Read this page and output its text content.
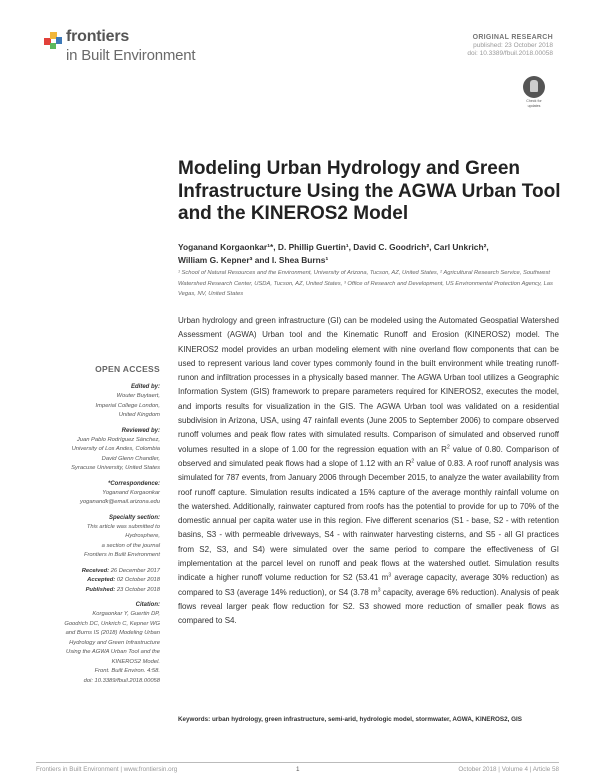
frontiers
in Built Environment
ORIGINAL RESEARCH
published: 23 October 2018
doi: 10.3389/fbuil.2018.00058
Check for
updates
Modeling Urban Hydrology and Green Infrastructure Using the AGWA Urban Tool and the KINEROS2 Model
Yoganand Korgaonkar¹*, D. Phillip Guertin¹, David C. Goodrich², Carl Unkrich²,
William G. Kepner³ and I. Shea Burns¹
¹ School of Natural Resources and the Environment, University of Arizona, Tucson, AZ, United States, ² Agricultural Research Service, Southwest Watershed Research Center, USDA, Tucson, AZ, United States, ³ Office of Research and Development, US Environmental Protection Agency, Las Vegas, NV, United States
Urban hydrology and green infrastructure (GI) can be modeled using the Automated Geospatial Watershed Assessment (AGWA) Urban tool and the Kinematic Runoff and Erosion (KINEROS2) model. The KINEROS2 model provides an urban modeling element with nine overland flow components that can be used to represent various land cover types commonly found in the built environment while treating runoff-runon and infiltration processes in a physically based manner. The AGWA Urban tool utilizes a Geographic Information System (GIS) framework to prepare parameters required for KINEROS2, executes the model, and imports results for visualization in the GIS. The AGWA Urban tool was validated on a residential subdivision in Arizona, USA, using 47 rainfall events (June 2005 to September 2006) to compare observed runoff volumes and peak flow rates with simulated results. Comparison of simulated and observed runoff volumes resulted in a slope of 1.00 for the regression equation with an $R^2$ value of 0.80. Comparison of observed and simulated peak flows had a slope of 1.12 with an $R^2$ value of 0.83. A roof runoff analysis was simulated for 787 events, from January 2006 through December 2015, to analyze the water availability from roof runoff capture. Simulation results indicated a 15% capture of the average monthly rainfall volume on the watershed. Additionally, rainwater captured from roofs has the potential to provide for up to 70% of the domestic annual per capita water use in this region. Five different scenarios (S1 - base, S2 - with retention basins, S3 - with permeable driveways, S4 - with rainwater harvesting cisterns, and S5 - all GI practices from S2, S3, and S4) were simulated over the same period to compare the effectiveness of GI implementation at the parcel level on runoff and peak flows at the watershed outlet. Simulation results indicate a higher runoff volume reduction for S2 (53.41 $m^3$ average capacity, average 30% reduction) as compared to S3 (average 14% reduction), or S4 (3.78 $m^3$ capacity, average 6% reduction). Analysis of peak flows reveal larger peak flow reduction for S2. S3 showed more reduction of smaller peak flows as compared to S4.
Keywords: urban hydrology, green infrastructure, semi-arid, hydrologic model, stormwater, AGWA, KINEROS2, GIS
OPEN ACCESS
Edited by:
Wouter Buytaert,
Imperial College London,
United Kingdom
Reviewed by:
Juan Pablo Rodríguez Sánchez,
University of Los Andes, Colombia
David Glenn Chandler,
Syracuse University, United States
*Correspondence:
Yoganand Korgaonkar
yoganandk@email.arizona.edu
Specialty section:
This article was submitted to
Hydrosphere,
a section of the journal
Frontiers in Built Environment
Received: 26 December 2017
Accepted: 02 October 2018
Published: 23 October 2018
Citation:
Korgaonkar Y, Guertin DP,
Goodrich DC, Unkrich C, Kepner WG
and Burns IS (2018) Modeling Urban
Hydrology and Green Infrastructure
Using the AGWA Urban Tool and the
KINEROS2 Model.
Front. Built Environ. 4:58.
doi: 10.3389/fbuil.2018.00058
Frontiers in Built Environment | www.frontiersin.org	1	October 2018 | Volume 4 | Article 58
